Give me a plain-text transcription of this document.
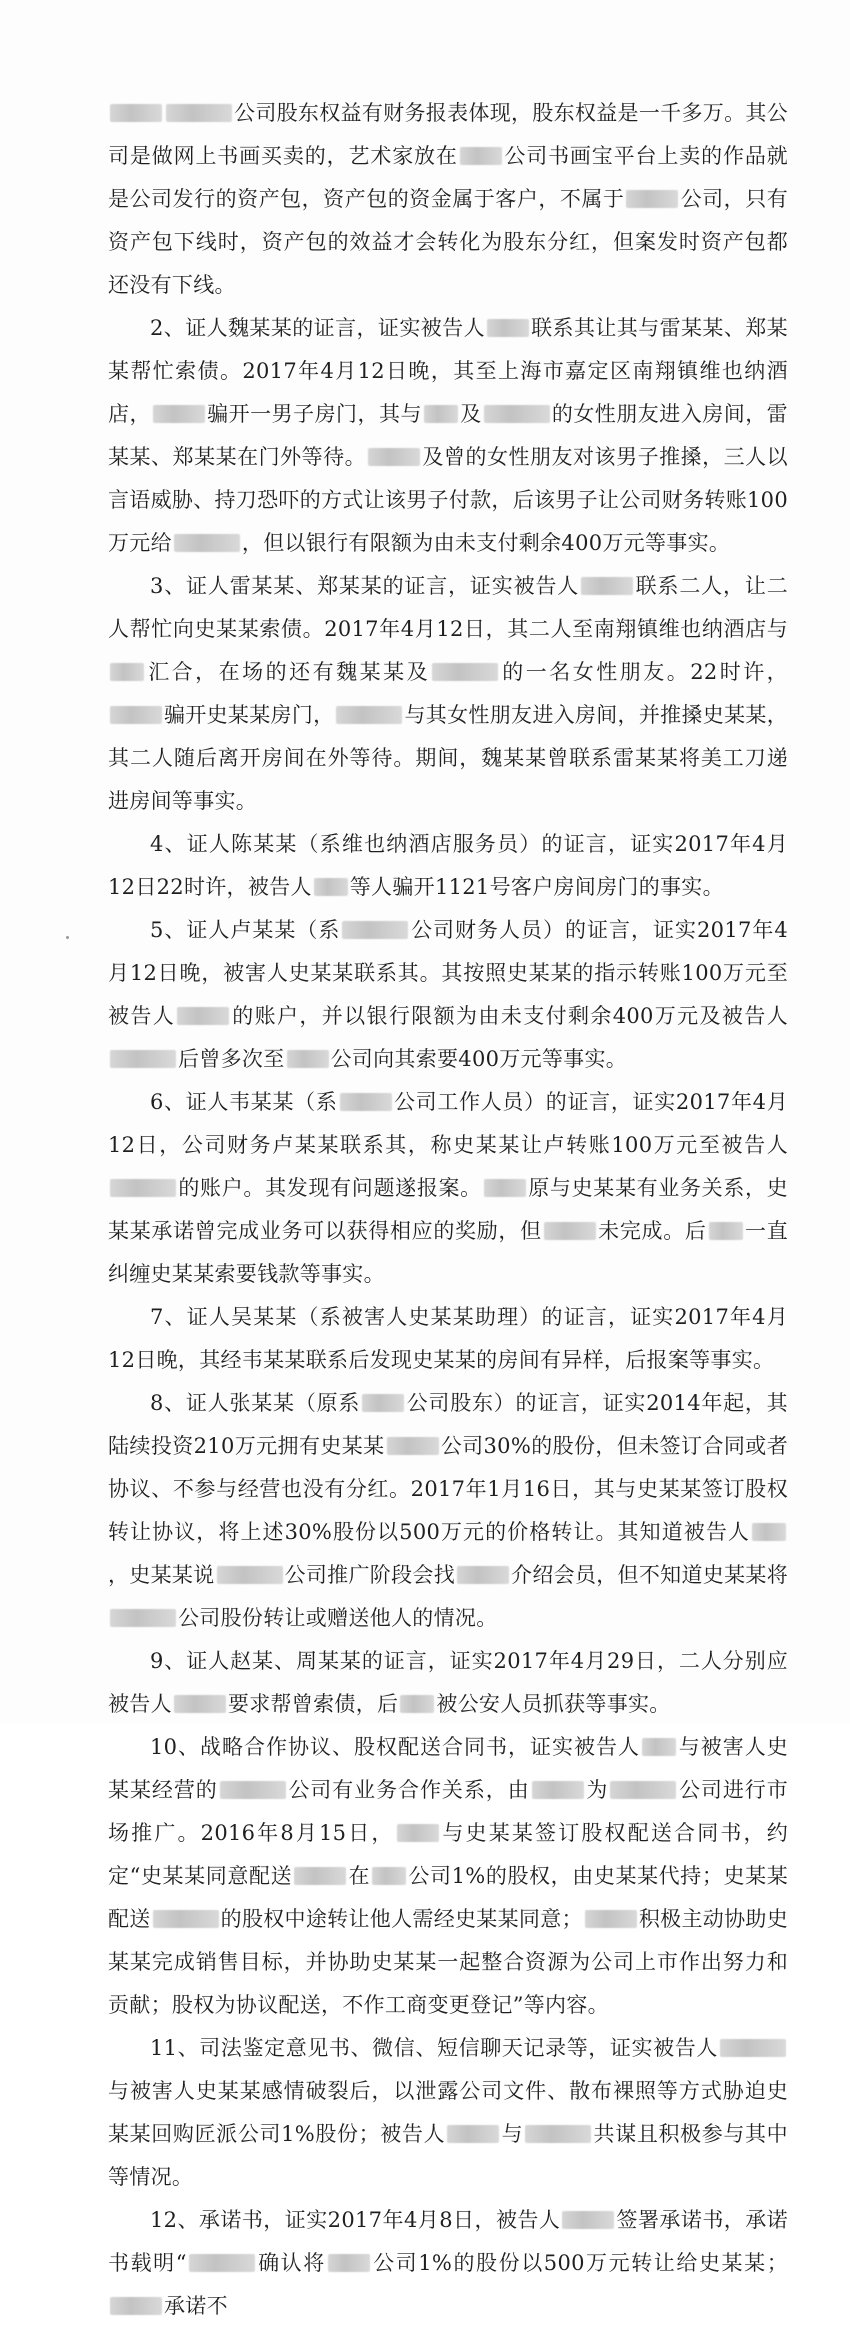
公司股东权益有财务报表体现，股东权益是一千多万。其公司是做网上书画买卖的，艺术家放在 公司书画宝平台上卖的作品就是公司发行的资产包，资产包的资金属于客户，不属于	公司，只有资产包下线时，资产包的效益才会转化为股东分红，但案发时资产包都还没有下线。

2、证人魏某某的证言，证实被告人 联系其让其与雷某某、郑某某帮忙索债。2017年4月12日晚，其至上海市嘉定区南翔镇维也纳酒店，	骗开一男子房门，其与 及	的女性朋友进入房间，雷某某、郑某某在门外等待。	及曾的女性朋友对该男子推搡，三人以言语威胁、持刀恐吓的方式让该男子付款，后该男子让公司财务转账100万元给	，但以银行有限额为由未支付剩余400万元等事实。

3、证人雷某某、郑某某的证言，证实被告人	联系二人，让二人帮忙向史某某索债。2017年4月12日，其二人至南翔镇维也纳酒店与汇合，在场的还有魏某某及	的一名女性朋友。22时许，骗开史某某房门，	与其女性朋友进入房间，并推搡史某某，其二人随后离开房间在外等待。期间，魏某某曾联系雷某某将美工刀递进房间等事实。

4、证人陈某某（系维也纳酒店服务员）的证言，证实2017年4月12日22时许，被告人 等人骗开1121号客户房间房门的事实。

5、证人卢某某（系	公司财务人员）的证言，证实2017年4月12日晚，被害人史某某联系其。其按照史某某的指示转账100万元至被告人	的账户，并以银行限额为由未支付剩余400万元及被告人后曾多次至 公司向其索要400万元等事实。

6、证人韦某某（系	公司工作人员）的证言，证实2017年4月12日，公司财务卢某某联系其，称史某某让卢转账100万元至被告人的账户。其发现有问题遂报案。 原与史某某有业务关系，史某某承诺曾完成业务可以获得相应的奖励，但	未完成。后 一直纠缠史某某索要钱款等事实。

7、证人吴某某（系被害人史某某助理）的证言，证实2017年4月12日晚，其经韦某某联系后发现史某某的房间有异样，后报案等事实。

8、证人张某某（原系 公司股东）的证言，证实2014年起，其陆续投资210万元拥有史某某	公司30%的股份，但未签订合同或者协议、不参与经营也没有分红。2017年1月16日，其与史某某签订股权转让协议，将上述30%股份以500万元的价格转让。其知道被告人，史某某说	公司推广阶段会找	介绍会员，但不知道史某某将公司股份转让或赠送他人的情况。

9、证人赵某、周某某的证言，证实2017年4月29日，二人分别应被告人	要求帮曾索债，后 被公安人员抓获等事实。

10、战略合作协议、股权配送合同书，证实被告人 与被害人史某某经营的	公司有业务合作关系，由	为	公司进行市场推广。2016年8月15日， 与史某某签订股权配送合同书，约定“史某某同意配送	在 公司1%的股权，由史某某代持；史某某配送	的股权中途转让他人需经史某某同意；	积极主动协助史某某完成销售目标，并协助史某某一起整合资源为公司上市作出努力和贡献；股权为协议配送，不作工商变更登记”等内容。

11、司法鉴定意见书、微信、短信聊天记录等，证实被告人与被害人史某某感情破裂后，以泄露公司文件、散布裸照等方式胁迫史某某回购匠派公司1%股份；被告人	与	共谋且积极参与其中等情况。

12、承诺书，证实2017年4月8日，被告人	签署承诺书，承诺书载明“	确认将 公司1%的股份以500万元转让给史某某；承诺不
